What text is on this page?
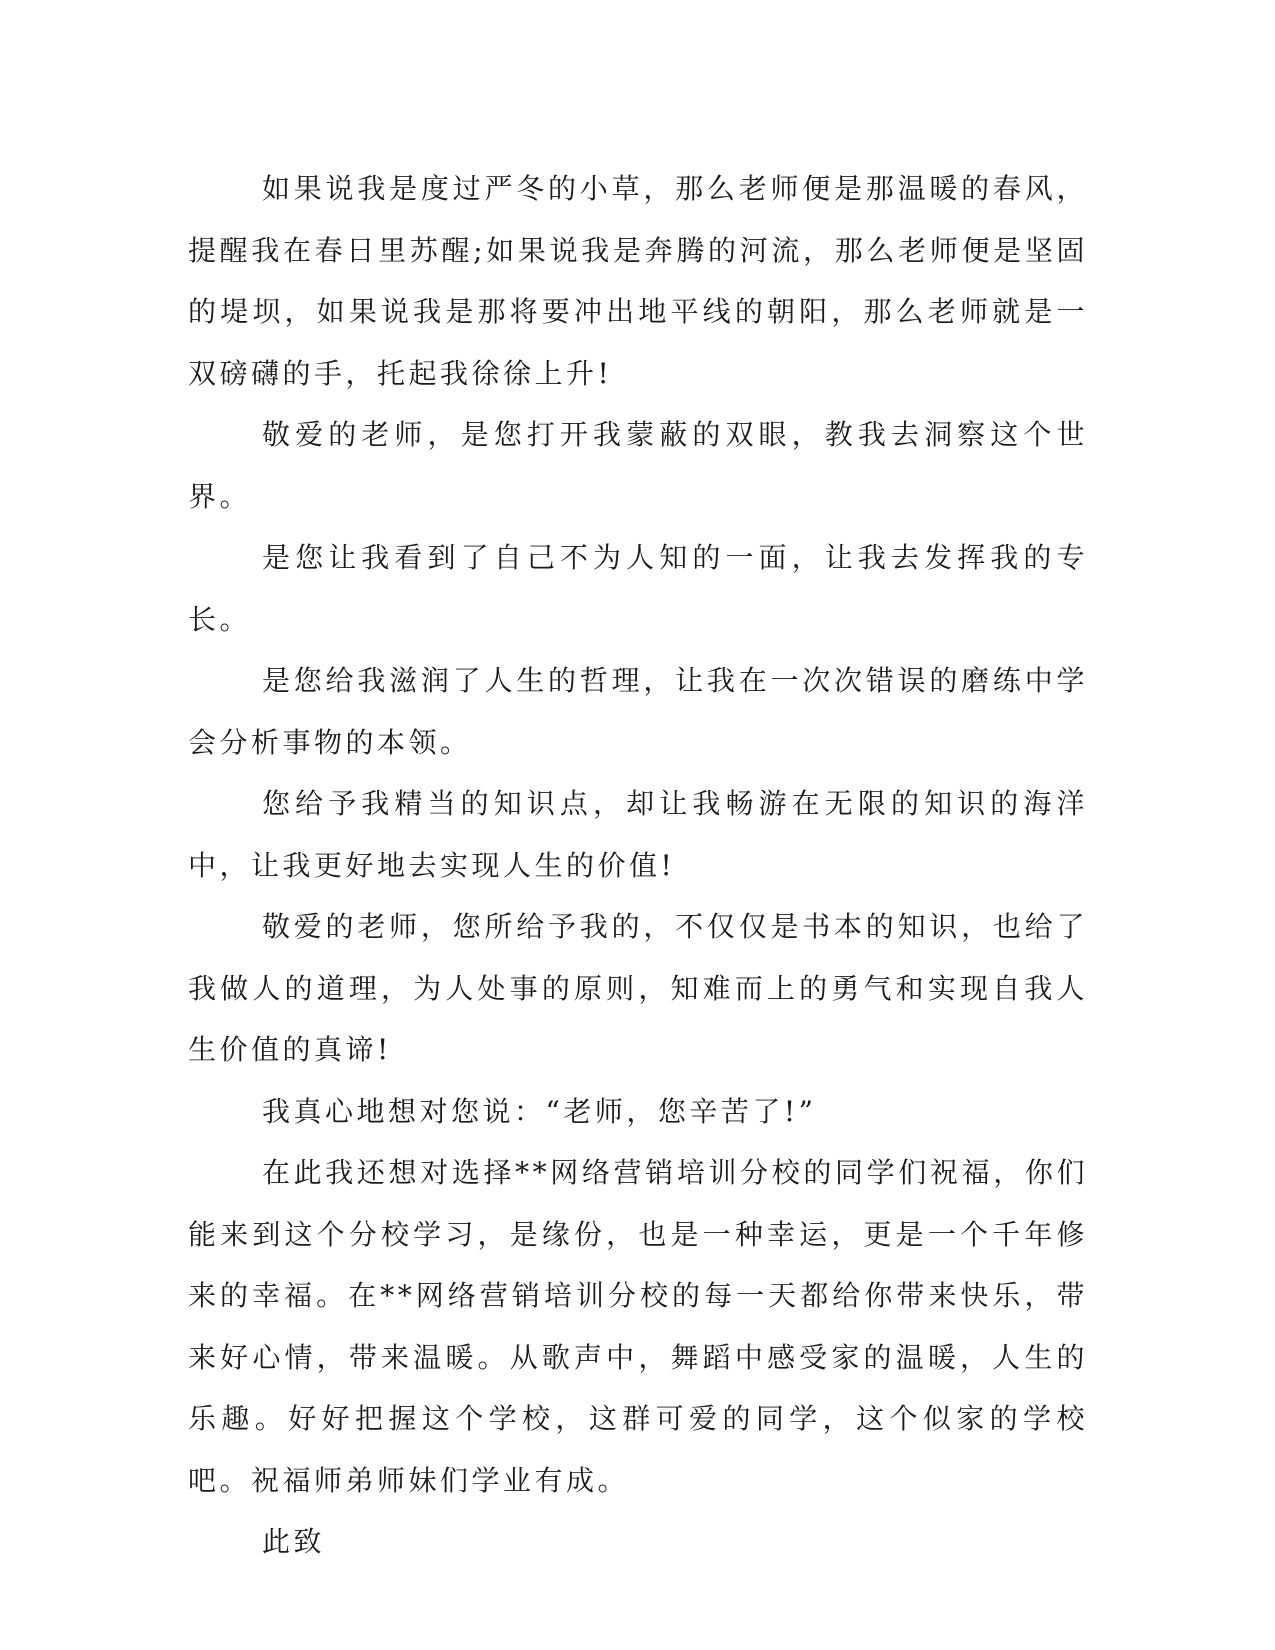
如果说我是度过严冬的小草，那么老师便是那温暖的春风，提醒我在春日里苏醒;如果说我是奔腾的河流，那么老师便是坚固的堤坝，如果说我是那将要冲出地平线的朝阳，那么老师就是一双磅礴的手，托起我徐徐上升!

敬爱的老师，是您打开我蒙蔽的双眼，教我去洞察这个世界。

是您让我看到了自己不为人知的一面，让我去发挥我的专长。

是您给我滋润了人生的哲理，让我在一次次错误的磨练中学会分析事物的本领。

您给予我精当的知识点，却让我畅游在无限的知识的海洋中，让我更好地去实现人生的价值!

敬爱的老师，您所给予我的，不仅仅是书本的知识，也给了我做人的道理，为人处事的原则，知难而上的勇气和实现自我人生价值的真谛!

我真心地想对您说：“老师，您辛苦了!”

在此我还想对选择**网络营销培训分校的同学们祝福，你们能来到这个分校学习，是缘份，也是一种幸运，更是一个千年修来的幸福。在**网络营销培训分校的每一天都给你带来快乐，带来好心情，带来温暖。从歌声中，舞蹈中感受家的温暖，人生的乐趣。好好把握这个学校，这群可爱的同学，这个似家的学校吧。祝福师弟师妹们学业有成。

此致
